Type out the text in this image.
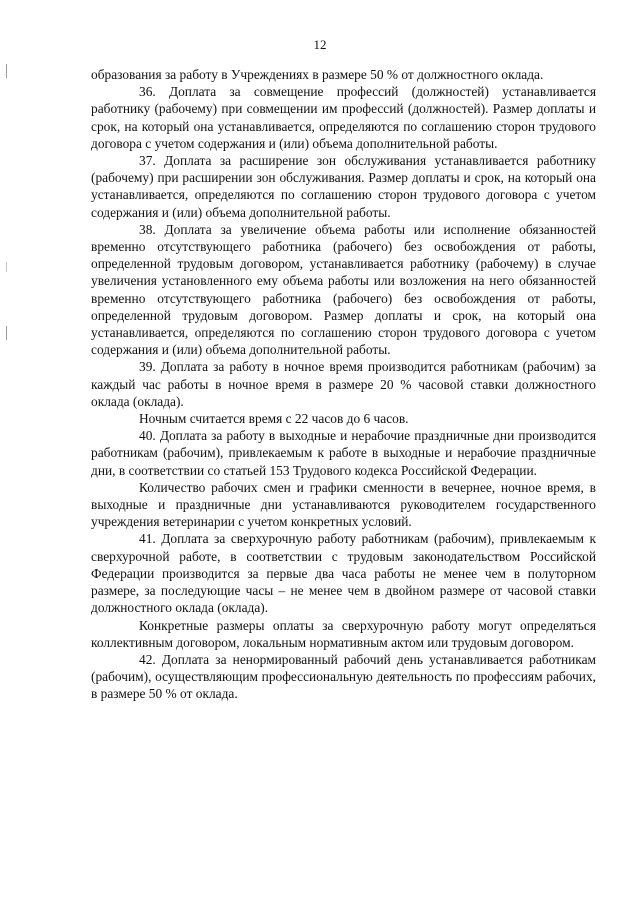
12

образования за работу в Учреждениях в размере 50 % от должностного оклада.

36. Доплата за совмещение профессий (должностей) устанавливается работнику (рабочему) при совмещении им профессий (должностей). Размер доплаты и срок, на который она устанавливается, определяются по соглашению сторон трудового договора с учетом содержания и (или) объема дополнительной работы.

37. Доплата за расширение зон обслуживания устанавливается работнику (рабочему) при расширении зон обслуживания. Размер доплаты и срок, на который она устанавливается, определяются по соглашению сторон трудового договора с учетом содержания и (или) объема дополнительной работы.

38. Доплата за увеличение объема работы или исполнение обязанностей временно отсутствующего работника (рабочего) без освобождения от работы, определенной трудовым договором, устанавливается работнику (рабочему) в случае увеличения установленного ему объема работы или возложения на него обязанностей временно отсутствующего работника (рабочего) без освобождения от работы, определенной трудовым договором. Размер доплаты и срок, на который она устанавливается, определяются по соглашению сторон трудового договора с учетом содержания и (или) объема дополнительной работы.

39. Доплата за работу в ночное время производится работникам (рабочим) за каждый час работы в ночное время в размере 20 % часовой ставки должностного оклада (оклада).

Ночным считается время с 22 часов до 6 часов.

40. Доплата за работу в выходные и нерабочие праздничные дни производится работникам (рабочим), привлекаемым к работе в выходные и нерабочие праздничные дни, в соответствии со статьей 153 Трудового кодекса Российской Федерации.

Количество рабочих смен и графики сменности в вечернее, ночное время, в выходные и праздничные дни устанавливаются руководителем государственного учреждения ветеринарии с учетом конкретных условий.

41. Доплата за сверхурочную работу работникам (рабочим), привлекаемым к сверхурочной работе, в соответствии с трудовым законодательством Российской Федерации производится за первые два часа работы не менее чем в полуторном размере, за последующие часы – не менее чем в двойном размере от часовой ставки должностного оклада (оклада).

Конкретные размеры оплаты за сверхурочную работу могут определяться коллективным договором, локальным нормативным актом или трудовым договором.

42. Доплата за ненормированный рабочий день устанавливается работникам (рабочим), осуществляющим профессиональную деятельность по профессиям рабочих, в размере 50 % от оклада.
